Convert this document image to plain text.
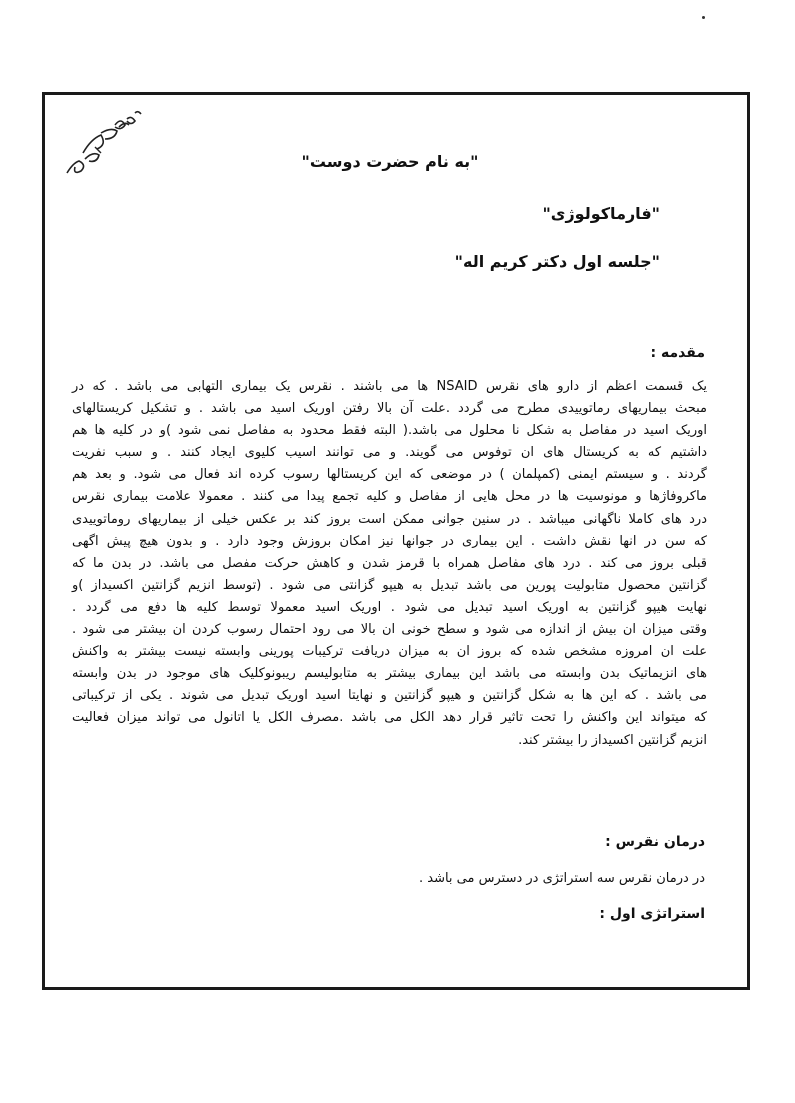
"به نام حضرت دوست"
"فارماکولوژی"
"جلسه اول دکتر کریم اله"
مقدمه :
یک قسمت اعظم از دارو های نقرس NSAID ها می باشند . نقرس یک بیماری التهابی می باشد . که در
مبحث بیماریهای رماتوییدی مطرح می گردد .علت آن بالا رفتن اوریک اسید می باشد . و تشکیل کریستالهای
اوریک اسید در مفاصل به شکل نا محلول می باشد.( البته فقط محدود به مفاصل نمی شود )و در کلیه ها هم
داشتیم که به کریستال های ان توفوس می گویند. و می توانند اسیب کلیوی ایجاد کنند . و سبب نفریت
گردند . و سیستم ایمنی (کمپلمان ) در موضعی که این کریستالها رسوب کرده اند فعال می شود. و بعد هم
ماکروفاژها و مونوسیت ها در محل هایی از مفاصل و کلیه تجمع پیدا می کنند . معمولا علامت بیماری نقرس
درد های کاملا ناگهانی میباشد . در سنین جوانی ممکن است بروز کند بر عکس خیلی از بیماریهای روماتوییدی
که سن در انها نقش داشت . این بیماری در جوانها نیز امکان بروزش وجود دارد . و بدون هیچ پیش اگهی
قبلی بروز می کند . درد های مفاصل همراه با قرمز شدن و کاهش حرکت مفصل می باشد. در بدن ما که
گزانتین محصول متابولیت پورین می باشد تبدیل به هیپو گزانتی می شود . (توسط انزیم گزانتین اکسیداز )و
نهایت هیپو گزانتین به اوریک اسید تبدیل می شود . اوریک اسید معمولا توسط کلیه ها دفع می گردد .
وقتی میزان ان بیش از اندازه می شود و سطح خونی ان بالا می رود احتمال رسوب کردن ان بیشتر می شود .
علت ان امروزه مشخص شده که بروز ان به میزان دریافت ترکیبات پورینی وابسته نیست بیشتر به واکنش
های انزیماتیک بدن وابسته می باشد این بیماری بیشتر به متابولیسم ریبونوکلیک های موجود در بدن وابسته
می باشد . که این ها به شکل گزانتین و هیپو گزانتین و نهایتا اسید اوریک تبدیل می شوند . یکی از ترکیباتی
که میتواند این واکنش را تحت تاثیر قرار دهد الکل می باشد .مصرف الکل یا اتانول می تواند میزان فعالیت
انزیم گزانتین اکسیداز را بیشتر کند.
درمان نقرس :
در درمان نقرس سه استراتژی در دسترس می باشد .
استراتژی اول :
